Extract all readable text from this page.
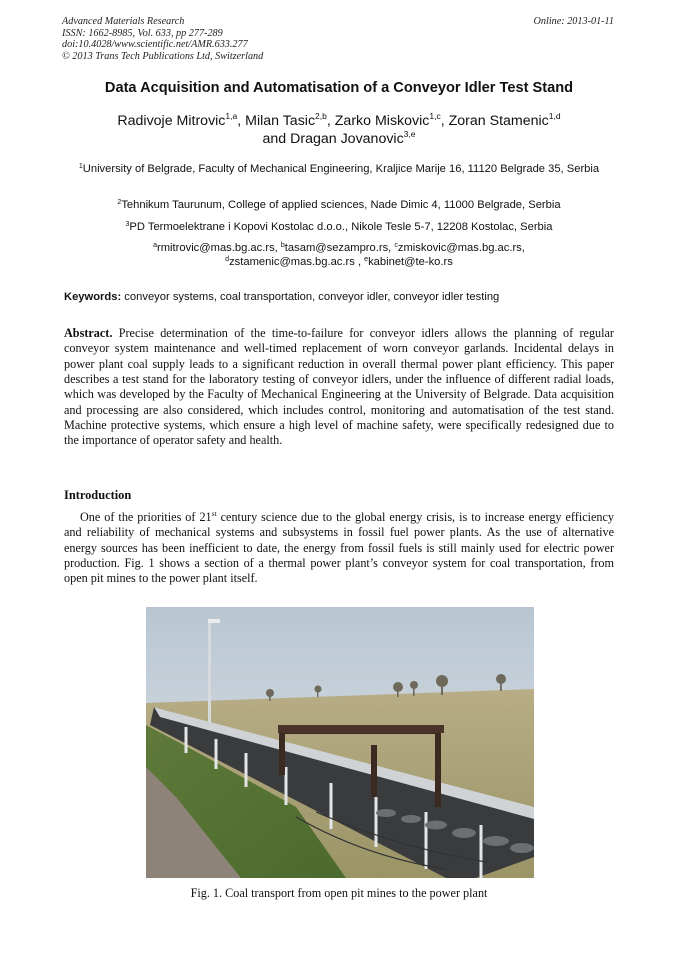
Advanced Materials Research
ISSN: 1662-8985, Vol. 633, pp 277-289
doi:10.4028/www.scientific.net/AMR.633.277
© 2013 Trans Tech Publications Ltd, Switzerland
Online: 2013-01-11
Data Acquisition and Automatisation of a Conveyor Idler Test Stand
Radivoje Mitrovic$^{1,a}$, Milan Tasic$^{2,b}$, Zarko Miskovic$^{1,c}$, Zoran Stamenic$^{1,d}$
and Dragan Jovanovic$^{3,e}$
$^1$University of Belgrade, Faculty of Mechanical Engineering, Kraljice Marije 16, 11120 Belgrade 35, Serbia
$^2$Tehnikum Taurunum, College of applied sciences, Nade Dimic 4, 11000 Belgrade, Serbia
$^3$PD Termoelektrane i Kopovi Kostolac d.o.o., Nikole Tesle 5-7, 12208 Kostolac, Serbia
$^a$rmitrovic@mas.bg.ac.rs, $^b$tasam@sezampro.rs, $^c$zmiskovic@mas.bg.ac.rs,
$^d$zstamenic@mas.bg.ac.rs , $^e$kabinet@te-ko.rs
Keywords: conveyor systems, coal transportation, conveyor idler, conveyor idler testing
Abstract. Precise determination of the time-to-failure for conveyor idlers allows the planning of regular conveyor system maintenance and well-timed replacement of worn conveyor garlands. Incidental delays in power plant coal supply leads to a significant reduction in overall thermal power plant efficiency. This paper describes a test stand for the laboratory testing of conveyor idlers, under the influence of different radial loads, which was developed by the Faculty of Mechanical Engineering at the University of Belgrade. Data acquisition and processing are also considered, which includes control, monitoring and automatisation of the test stand. Machine protective systems, which ensure a high level of machine safety, were specifically redesigned due to the importance of operator safety and health.
Introduction
One of the priorities of 21st century science due to the global energy crisis, is to increase energy efficiency and reliability of mechanical systems and subsystems in fossil fuel power plants. As the use of alternative energy sources has been inefficient to date, the energy from fossil fuels is still mainly used for electric power production. Fig. 1 shows a section of a thermal power plant’s conveyor system for coal transportation, from open pit mines to the power plant itself.
Fig. 1. Coal transport from open pit mines to the power plant
